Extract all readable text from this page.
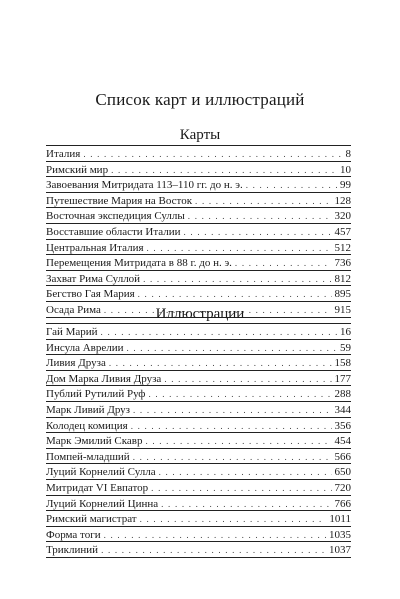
Список карт и иллюстраций
Карты
Италия . . .	8
Римский мир . . .	10
Завоевания Митридата 113–110 гг. до н. э. . . .	99
Путешествие Мария на Восток . . .	128
Восточная экспедиция Суллы . . .	320
Восставшие области Италии . . .	457
Центральная Италия . . .	512
Перемещения Митридата в 88 г. до н. э. . . .	736
Захват Рима Суллой . . .	812
Бегство Гая Мария . . .	895
Осада Рима . . .	915
Иллюстрации
Гай Марий . . .	16
Инсула Аврелии . . .	59
Ливия Друза . . .	158
Дом Марка Ливия Друза . . .	177
Публий Рутилий Руф . . .	288
Марк Ливий Друз . . .	344
Колодец комиция . . .	356
Марк Эмилий Скавр . . .	454
Помпей-младший . . .	566
Луций Корнелий Сулла . . .	650
Митридат VI Евпатор . . .	720
Луций Корнелий Цинна . . .	766
Римский магистрат . . .	1011
Форма тоги . . .	1035
Триклиний . . .	1037
